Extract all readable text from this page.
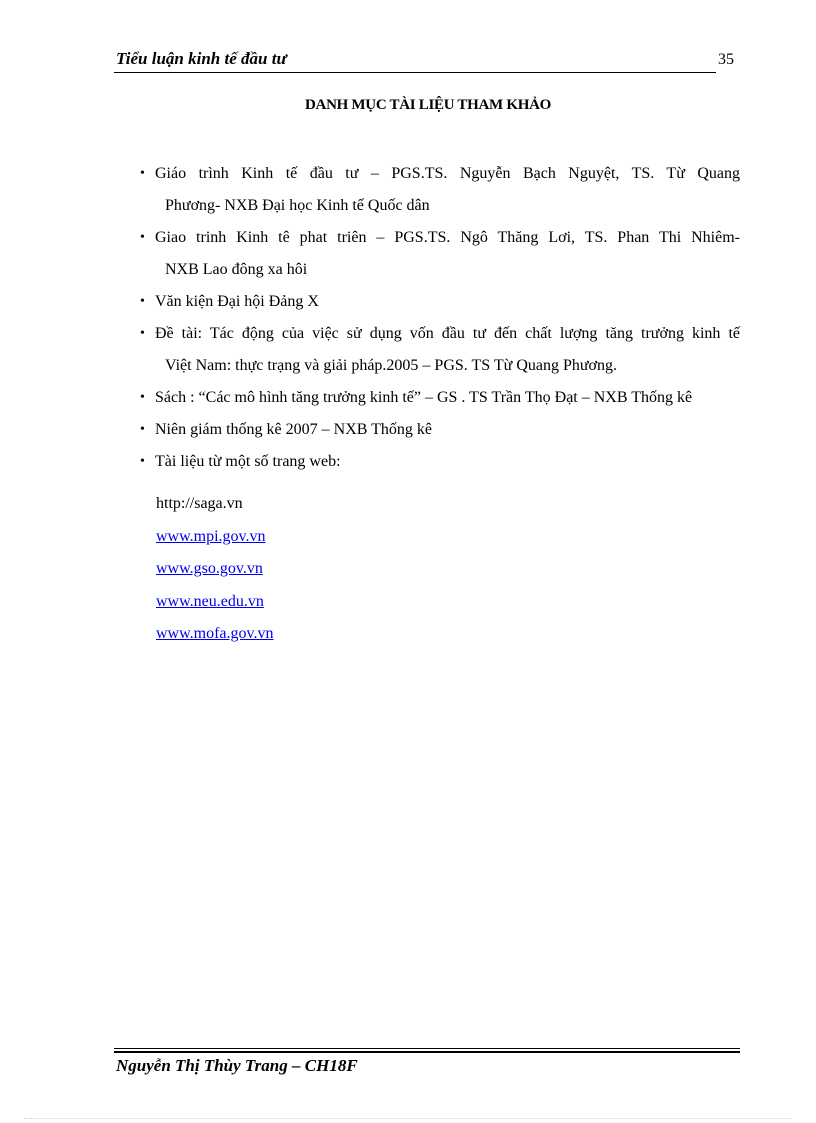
Tiểu luận kinh tế đầu tư	35
DANH MỤC TÀI LIỆU THAM KHẢO
• Giáo trình Kinh tế đầu tư – PGS.TS. Nguyễn Bạch Nguyệt, TS. Từ Quang
Phương- NXB Đại học Kinh tế Quốc dân
• Giao trinh Kinh tê phat triên – PGS.TS. Ngô Thăng Lơi, TS. Phan Thi Nhiêm-
NXB Lao đông xa hôi
• Văn kiện Đại hội Đảng X
• Đề tài: Tác động của việc sử dụng vốn đầu tư đến chất lượng tăng trưởng kinh tế
Việt Nam: thực trạng và giải pháp.2005 – PGS. TS Từ Quang Phương.
• Sách : “Các mô hình tăng trưởng kinh tế” – GS . TS Trần Thọ Đạt – NXB Thống kê
• Niên giám thống kê 2007 – NXB Thống kê
• Tài liệu từ một số trang web:
http://saga.vn
www.mpi.gov.vn
www.gso.gov.vn
www.neu.edu.vn
www.mofa.gov.vn
Nguyễn Thị Thùy Trang – CH18F
